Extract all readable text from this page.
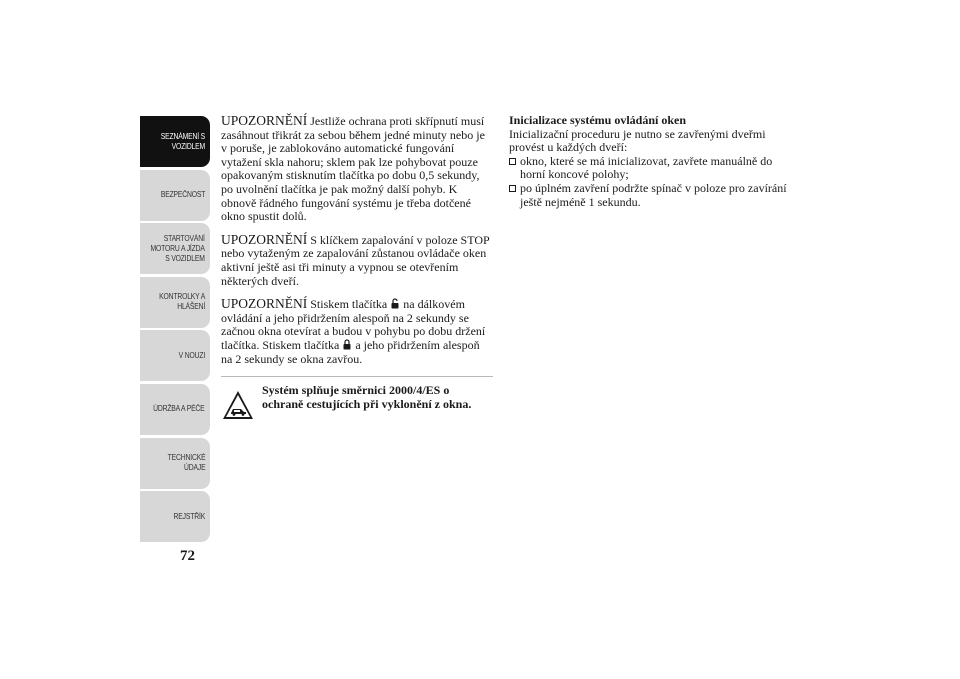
SEZNÁMENÍ S
VOZIDLEM
BEZPEČNOST
STARTOVÁNÍ
MOTORU A JÍZDA
S VOZIDLEM
KONTROLKY A
HLÁŠENÍ
V NOUZI
ÚDRŽBA A PÉČE
TECHNICKÉ
ÚDAJE
REJSTŘÍK
72

UPOZORNĚNÍ Jestliže ochrana proti skřípnutí musí zasáhnout třikrát za sebou během jedné minuty nebo je v poruše, je zablokováno automatické fungování vytažení skla nahoru; sklem pak lze pohybovat pouze opakovaným stisknutím tlačítka po dobu 0,5 sekundy, po uvolnění tlačítka je pak možný další pohyb. K obnově řádného fungování systému je třeba dotčené okno spustit dolů.

UPOZORNĚNÍ S klíčkem zapalování v poloze STOP nebo vytaženým ze zapalování zůstanou ovládače oken aktivní ještě asi tři minuty a vypnou se otevřením některých dveří.

UPOZORNĚNÍ Stiskem tlačítka na dálkovém ovládání a jeho přidržením alespoň na 2 sekundy se začnou okna otevírat a budou v pohybu po dobu držení tlačítka. Stiskem tlačítka a jeho přidržením alespoň na 2 sekundy se okna zavřou.

Systém splňuje směrnici 2000/4/ES o ochraně cestujících při vyklonění z okna.

Inicializace systému ovládání oken

Inicializační proceduru je nutno se zavřenými dveřmi provést u každých dveří:

okno, které se má inicializovat, zavřete manuálně do horní koncové polohy;
po úplném zavření podržte spínač v poloze pro zavírání ještě nejméně 1 sekundu.
